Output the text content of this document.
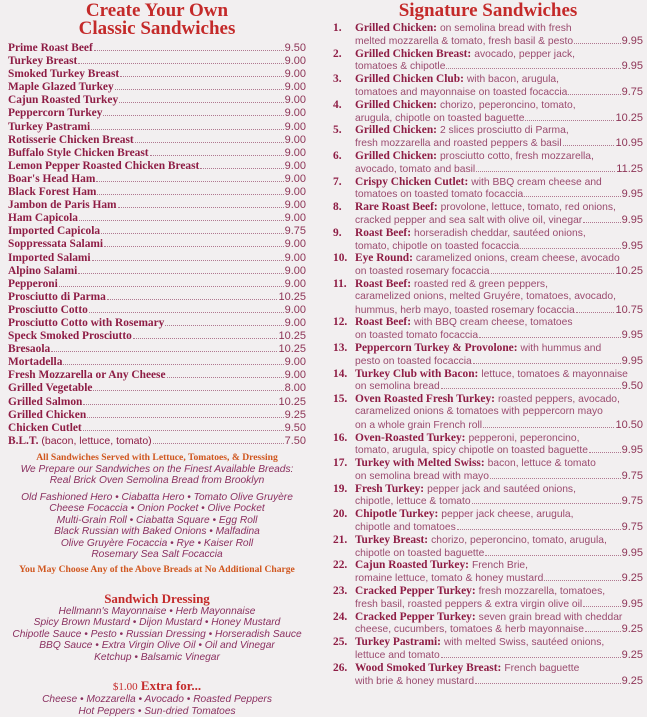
Create Your Own
Classic Sandwiches
Prime Roast Beef	9.50
Turkey Breast	9.00
Smoked Turkey Breast	9.00
Maple Glazed Turkey	9.00
Cajun Roasted Turkey	9.00
Peppercorn Turkey	9.00
Turkey Pastrami	9.00
Rotisserie Chicken Breast	9.00
Buffalo Style Chicken Breast	9.00
Lemon Pepper Roasted Chicken Breast	9.00
Boar's Head Ham	9.00
Black Forest Ham	9.00
Jambon de Paris Ham	9.00
Ham Capicola	9.00
Imported Capicola	9.75
Soppressata Salami	9.00
Imported Salami	9.00
Alpino Salami	9.00
Pepperoni	9.00
Prosciutto di Parma	10.25
Prosciutto Cotto	9.00
Prosciutto Cotto with Rosemary	9.00
Speck Smoked Prosciutto	10.25
Bresaola	10.25
Mortadella	9.00
Fresh Mozzarella or Any Cheese	9.00
Grilled Vegetable	8.00
Grilled Salmon	10.25
Grilled Chicken	9.25
Chicken Cutlet	9.50
B.L.T. (bacon, lettuce, tomato)	7.50
All Sandwiches Served with Lettuce, Tomatoes, & Dressing
We Prepare our Sandwiches on the Finest Available Breads:
Real Brick Oven Semolina Bread from Brooklyn
Old Fashioned Hero • Ciabatta Hero • Tomato Olive Gruyère
Cheese Focaccia • Onion Pocket • Olive Pocket
Multi-Grain Roll • Ciabatta Square • Egg Roll
Black Russian with Baked Onions • Malfadina
Olive Gruyère Focaccia • Rye • Kaiser Roll
Rosemary Sea Salt Focaccia
You May Choose Any of the Above Breads at No Additional Charge
Sandwich Dressing
Hellmann's Mayonnaise • Herb Mayonnaise
Spicy Brown Mustard • Dijon Mustard • Honey Mustard
Chipotle Sauce • Pesto • Russian Dressing • Horseradish Sauce
BBQ Sauce • Extra Virgin Olive Oil • Oil and Vinegar
Ketchup • Balsamic Vinegar
$1.00 Extra for...
Cheese • Mozzarella • Avocado • Roasted Peppers
Hot Peppers • Sun-dried Tomatoes
Signature Sandwiches
1.	Grilled Chicken: on semolina bread with fresh
melted mozzarella & tomato, fresh basil & pesto	9.95
2.	Grilled Chicken Breast: avocado, pepper jack,
tomatoes & chipotle	9.95
3.	Grilled Chicken Club: with bacon, arugula,
tomatoes and mayonnaise on toasted focaccia	9.75
4.	Grilled Chicken: chorizo, peperoncino, tomato,
arugula, chipotle on toasted baguette	10.25
5.	Grilled Chicken: 2 slices prosciutto di Parma,
fresh mozzarella and roasted peppers & basil	10.95
6.	Grilled Chicken: prosciutto cotto, fresh mozzarella,
avocado, tomato and basil	11.25
7.	Crispy Chicken Cutlet: with BBQ cream cheese and
tomatoes on toasted tomato focaccia	9.95
8.	Rare Roast Beef: provolone, lettuce, tomato, red onions,
cracked pepper and sea salt with olive oil, vinegar	9.95
9.	Roast Beef: horseradish cheddar, sautéed onions,
tomato, chipotle on toasted focaccia	9.95
10. Eye Round: caramelized onions, cream cheese, avocado
on toasted rosemary focaccia	10.25
11. Roast Beef: roasted red & green peppers,
caramelized onions, melted Gruyére, tomatoes, avocado,
hummus, herb mayo, toasted rosemary focaccia	10.75
12. Roast Beef: with BBQ cream cheese, tomatoes
on toasted tomato focaccia	9.95
13. Peppercorn Turkey & Provolone: with hummus and
pesto on toasted focaccia	9.95
14. Turkey Club with Bacon: lettuce, tomatoes & mayonnaise
on semolina bread	9.50
15. Oven Roasted Fresh Turkey: roasted peppers, avocado,
caramelized onions & tomatoes with peppercorn mayo
on a whole grain French roll	10.50
16. Oven-Roasted Turkey: pepperoni, peperoncino,
tomato, arugula, spicy chipotle on toasted baguette	9.95
17. Turkey with Melted Swiss: bacon, lettuce & tomato
on semolina bread with mayo	9.75
19. Fresh Turkey: pepper jack and sautéed onions,
chipotle, lettuce & tomato	9.75
20. Chipotle Turkey: pepper jack cheese, arugula,
chipotle and tomatoes	9.75
21. Turkey Breast: chorizo, peperoncino, tomato, arugula,
chipotle on toasted baguette	9.95
22. Cajun Roasted Turkey: French Brie,
romaine lettuce, tomato & honey mustard	9.25
23. Cracked Pepper Turkey: fresh mozzarella, tomatoes,
fresh basil, roasted peppers & extra virgin olive oil	9.95
24. Cracked Pepper Turkey: seven grain bread with cheddar
cheese, cucumbers, tomatoes & herb mayonnaise	9.25
25. Turkey Pastrami: with melted Swiss, sautéed onions,
lettuce and tomato	9.25
26. Wood Smoked Turkey Breast: French baguette
with brie & honey mustard	9.25
